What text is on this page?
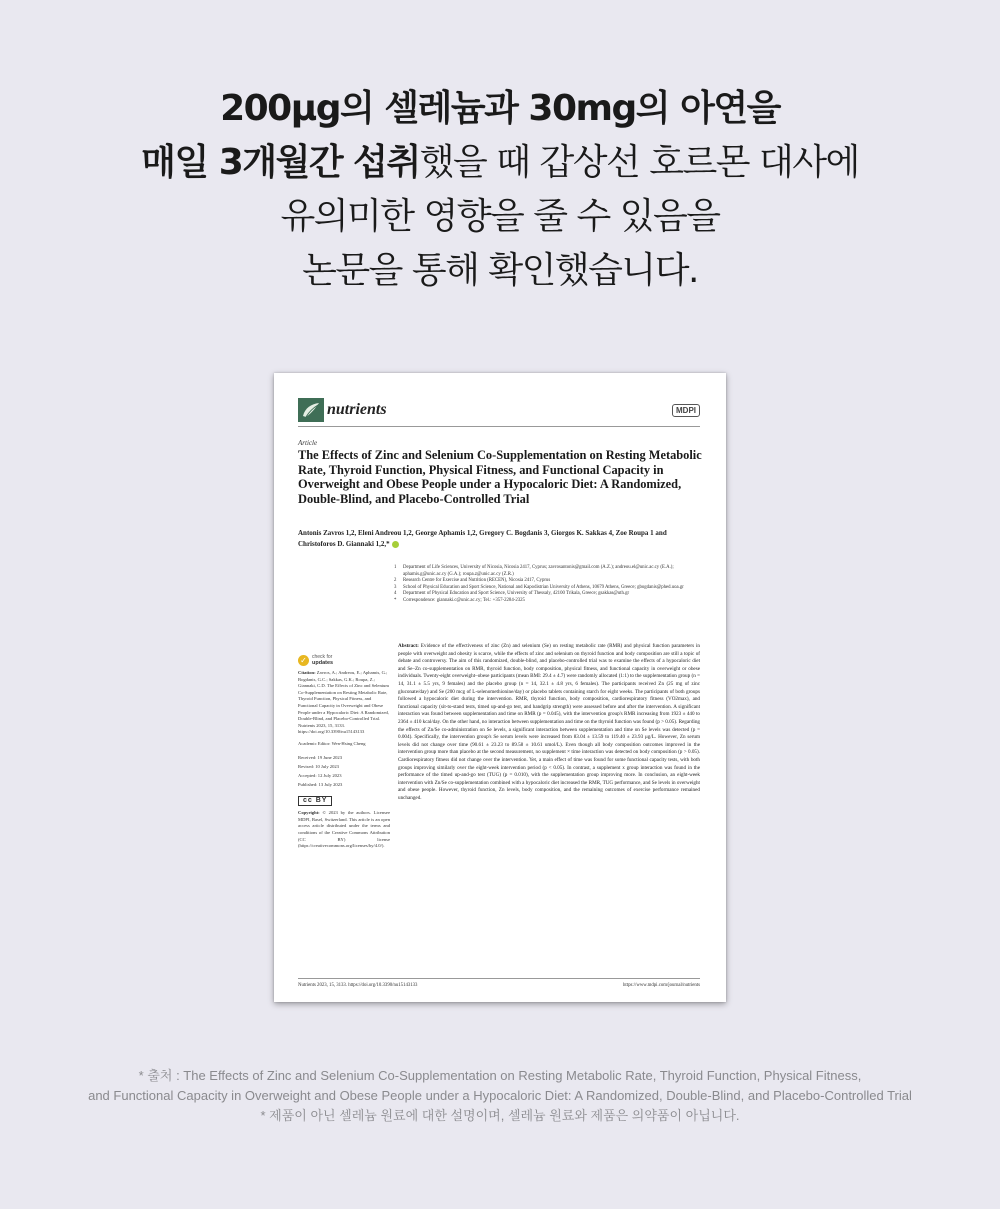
200μg의 셀레늄과 30mg의 아연을
매일 3개월간 섭취했을 때 갑상선 호르몬 대사에
유의미한 영향을 줄 수 있음을
논문을 통해 확인했습니다.
nutrients	MDPI
Article
The Effects of Zinc and Selenium Co-Supplementation on Resting Metabolic Rate, Thyroid Function, Physical Fitness, and Functional Capacity in Overweight and Obese People under a Hypocaloric Diet: A Randomized, Double-Blind, and Placebo-Controlled Trial
Antonis Zavros 1,2, Eleni Andreou 1,2, George Aphamis 1,2, Gregory C. Bogdanis 3, Giorgos K. Sakkas 4, Zoe Roupa 1 and Christoforos D. Giannaki 1,2,*
1	Department of Life Sciences, University of Nicosia, Nicosia 2417, Cyprus; zavrosantonis@gmail.com (A.Z.); andreou.el@unic.ac.cy (E.A.); aphamis.g@unic.ac.cy (G.A.); roupa.z@unic.ac.cy (Z.R.)
2	Research Centre for Exercise and Nutrition (RECEN), Nicosia 2417, Cyprus
3	School of Physical Education and Sport Science, National and Kapodistrian University of Athens, 10679 Athens, Greece; gbogdanis@phed.uoa.gr
4	Department of Physical Education and Sport Science, University of Thessaly, 42100 Trikala, Greece; gsakkas@uth.gr
*	Correspondence: giannaki.c@unic.ac.cy; Tel.: +357-2284-2325
✓	check for
updates

Citation: Zavros, A.; Andreou, E.; Aphamis, G.; Bogdanis, G.C.; Sakkas, G.K.; Roupa, Z.; Giannaki, C.D. The Effects of Zinc and Selenium Co-Supplementation on Resting Metabolic Rate, Thyroid Function, Physical Fitness, and Functional Capacity in Overweight and Obese People under a Hypocaloric Diet: A Randomized, Double-Blind, and Placebo-Controlled Trial. Nutrients 2023, 15, 3133. https://doi.org/10.3390/nu15143133

Academic Editor: Wen-Hsing Cheng

Received: 19 June 2023
Revised: 10 July 2023
Accepted: 12 July 2023
Published: 13 July 2023

cc BY

Copyright: © 2023 by the authors. Licensee MDPI, Basel, Switzerland. This article is an open access article distributed under the terms and conditions of the Creative Commons Attribution (CC BY) license (https://creativecommons.org/licenses/by/4.0/).

Abstract: Evidence of the effectiveness of zinc (Zn) and selenium (Se) on resting metabolic rate (RMR) and physical function parameters in people with overweight and obesity is scarce, while the effects of zinc and selenium on thyroid function and body composition are still a topic of debate and controversy. The aim of this randomized, double-blind, and placebo-controlled trial was to examine the effects of a hypocaloric diet and Se–Zn co-supplementation on RMR, thyroid function, body composition, physical fitness, and functional capacity in overweight or obese individuals. Twenty-eight overweight–obese participants (mean BMI: 29.4 ± 4.7) were randomly allocated (1:1) to the supplementation group (n = 14, 31.1 ± 5.5 yrs, 9 females) and the placebo group (n = 14, 32.1 ± 4.8 yrs, 6 females). The participants received Zn (25 mg of zinc gluconate/day) and Se (200 mcg of L-selenomethionine/day) or placebo tablets containing starch for eight weeks. The participants of both groups followed a hypocaloric diet during the intervention. RMR, thyroid function, body composition, cardiorespiratory fitness (VO2max), and functional capacity (sit-to-stand tests, timed up-and-go test, and handgrip strength) were assessed before and after the intervention. A significant interaction was found between supplementation and time on RMR (p = 0.045), with the intervention group's RMR increasing from 1923 ± 440 to 2364 ± 410 kcal/day. On the other hand, no interaction between supplementation and time on the thyroid function was found (p > 0.05). Regarding the effects of Zn/Se co-administration on Se levels, a significant interaction between supplementation and time on Se levels was detected (p = 0.004). Specifically, the intervention group's Se serum levels were increased from 83.04 ± 13.59 to 119.40 ± 23.93 μg/L. However, Zn serum levels did not change over time (90.61 ± 23.23 to 89.58 ± 10.61 umol/L). Even though all body composition outcomes improved in the intervention group more than placebo at the second measurement, no supplement × time interaction was detected on body composition (p > 0.05). Cardiorespiratory fitness did not change over the intervention. Yet, a main effect of time was found for some functional capacity tests, with both groups improving similarly over the eight-week intervention period (p < 0.05). In contrast, a supplement x group interaction was found in the performance of the timed up-and-go test (TUG) (p = 0.010), with the supplementation group improving more. In conclusion, an eight-week intervention with Zn/Se co-supplementation combined with a hypocaloric diet increased the RMR, TUG performance, and Se levels in overweight and obese people. However, thyroid function, Zn levels, body composition, and the remaining outcomes of exercise performance remained unchanged.
Nutrients 2023, 15, 3133. https://doi.org/10.3390/nu15143133	https://www.mdpi.com/journal/nutrients
* 출처 : The Effects of Zinc and Selenium Co-Supplementation on Resting Metabolic Rate, Thyroid Function, Physical Fitness,
and Functional Capacity in Overweight and Obese People under a Hypocaloric Diet: A Randomized, Double-Blind, and Placebo-Controlled Trial
* 제품이 아닌 셀레늄 원료에 대한 설명이며, 셀레늄 원료와 제품은 의약품이 아닙니다.
